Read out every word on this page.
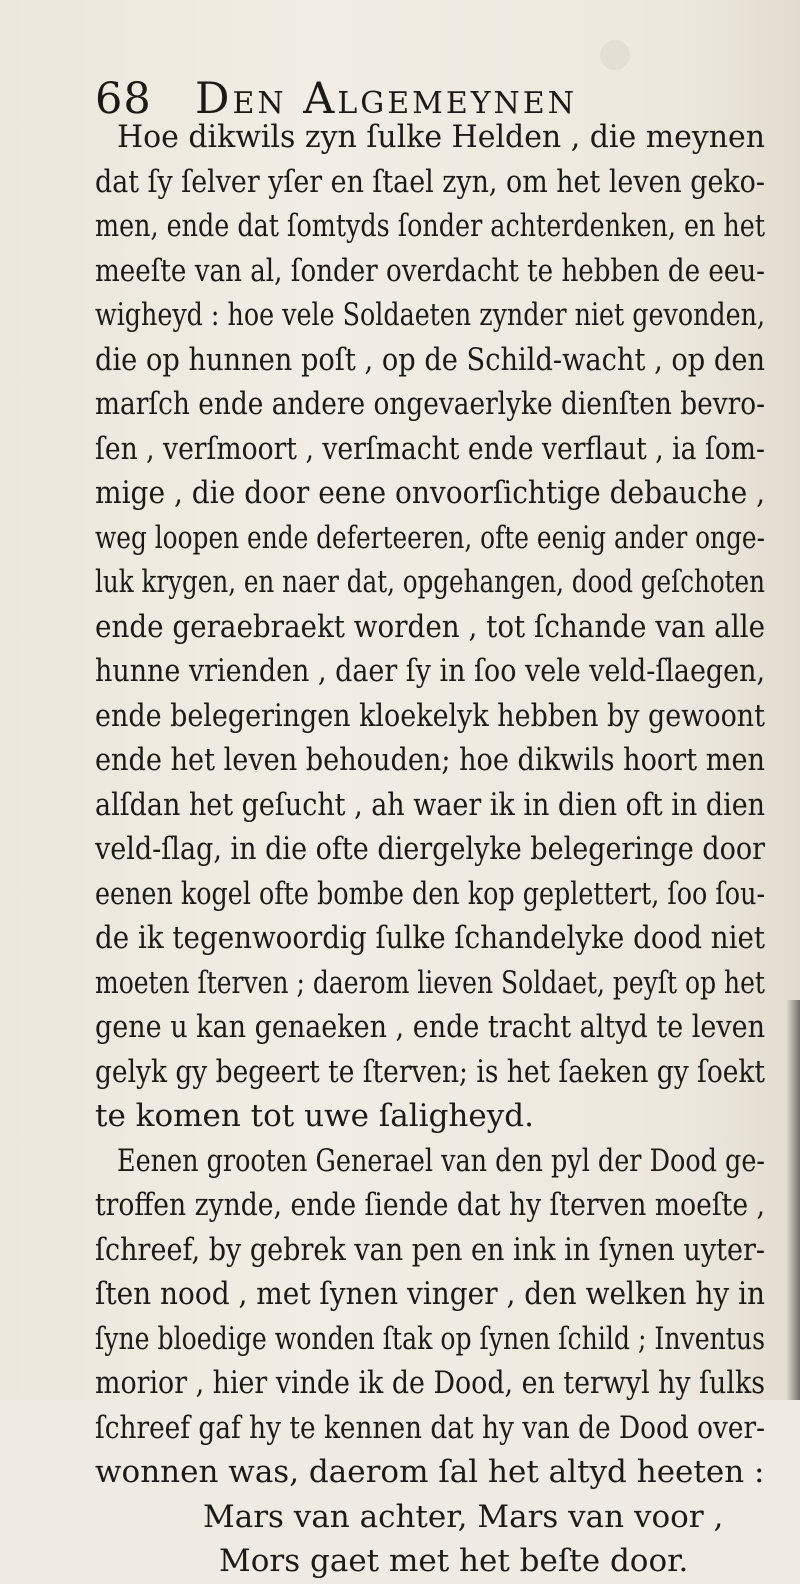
68 Den Algemeynen
Hoe dikwils zyn ſulke Helden , die meynen
dat ſy ſelver yſer en ſtael zyn, om het leven geko-
men, ende dat ſomtyds ſonder achterdenken, en het
meeſte van al, ſonder overdacht te hebben de eeu-
wigheyd : hoe vele Soldaeten zynder niet gevonden,
die op hunnen poſt , op de Schild-wacht , op den
marſch ende andere ongevaerlyke dienſten bevro-
ſen , verſmoort , verſmacht ende verflaut , ia ſom-
mige , die door eene onvoorſichtige debauche ,
weg loopen ende deferteeren, ofte eenig ander onge-
luk krygen, en naer dat, opgehangen, dood geſchoten
ende geraebraekt worden , tot ſchande van alle
hunne vrienden , daer ſy in ſoo vele veld-ſlaegen,
ende belegeringen kloekelyk hebben by gewoont
ende het leven behouden; hoe dikwils hoort men
alſdan het geſucht , ah waer ik in dien oft in dien
veld-ſlag, in die ofte diergelyke belegeringe door
eenen kogel ofte bombe den kop geplettert, ſoo ſou-
de ik tegenwoordig ſulke ſchandelyke dood niet
moeten ſterven ; daerom lieven Soldaet, peyſt op het
gene u kan genaeken , ende tracht altyd te leven
gelyk gy begeert te ſterven; is het ſaeken gy ſoekt
te komen tot uwe ſaligheyd.
Eenen grooten Generael van den pyl der Dood ge-
troffen zynde, ende ſiende dat hy ſterven moeſte ,
ſchreef, by gebrek van pen en ink in ſynen uyter-
ſten nood , met ſynen vinger , den welken hy in
ſyne bloedige wonden ſtak op ſynen ſchild ; Inventus
morior , hier vinde ik de Dood, en terwyl hy ſulks
ſchreef gaf hy te kennen dat hy van de Dood over-
wonnen was, daerom ſal het altyd heeten :
Mars van achter, Mars van voor ,
Mors gaet met het beſte door.
